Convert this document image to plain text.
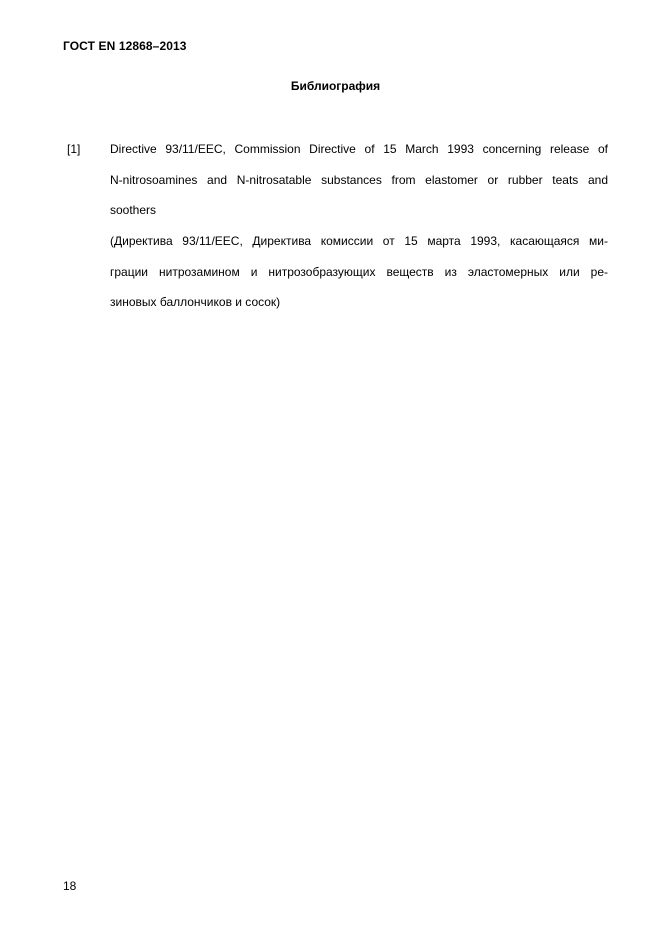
ГОСТ EN 12868–2013
Библиография
[1] Directive 93/11/EEC, Commission Directive of 15 March 1993 concerning release of
N-nitrosoamines and N-nitrosatable substances from elastomer or rubber teats and
soothers
(Директива 93/11/EEC, Директива комиссии от 15 марта 1993, касающаяся ми-
грации нитрозамином и нитрозобразующих веществ из эластомерных или ре-
зиновых баллончиков и сосок)
18
